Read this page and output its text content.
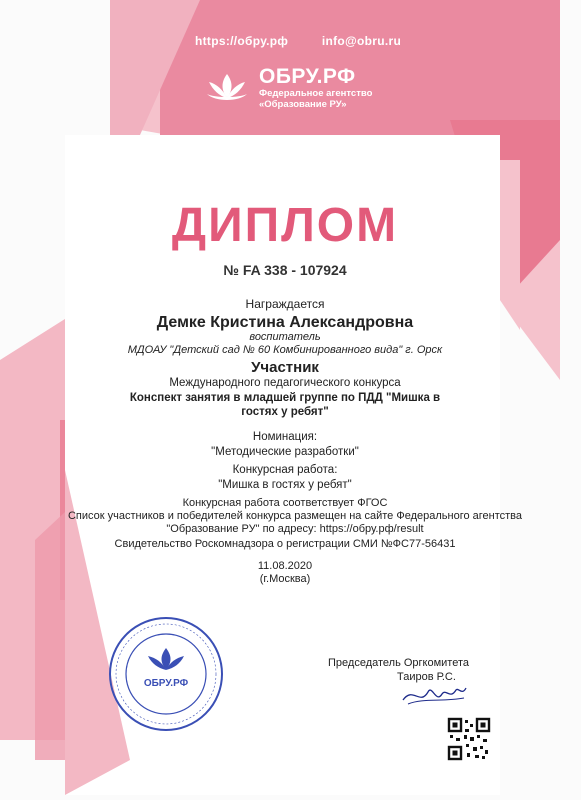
https://обру.рф	info@obru.ru
ОБРУ.РФ
Федеральное агентство
«Образование РУ»
ДИПЛОМ
№ FA 338 - 107924
Награждается
Демке Кристина Александровна
воспитатель
МДОАУ "Детский сад № 60 Комбинированного вида" г. Орск
Участник
Международного педагогического конкурса
Конспект занятия в младшей группе по ПДД "Мишка в гостях у ребят"
Номинация:
"Методические разработки"
Конкурсная работа:
"Мишка в гостях у ребят"
Конкурсная работа соответствует ФГОС
Список участников и победителей конкурса размещен на сайте Федерального агентства "Образование РУ" по адресу: https://обру.рф/result
Свидетельство Роскомнадзора о регистрации СМИ №ФС77-56431
11.08.2020
(г.Москва)
Председатель Оргкомитета
Таиров Р.С.
ОБРУ.РФ
